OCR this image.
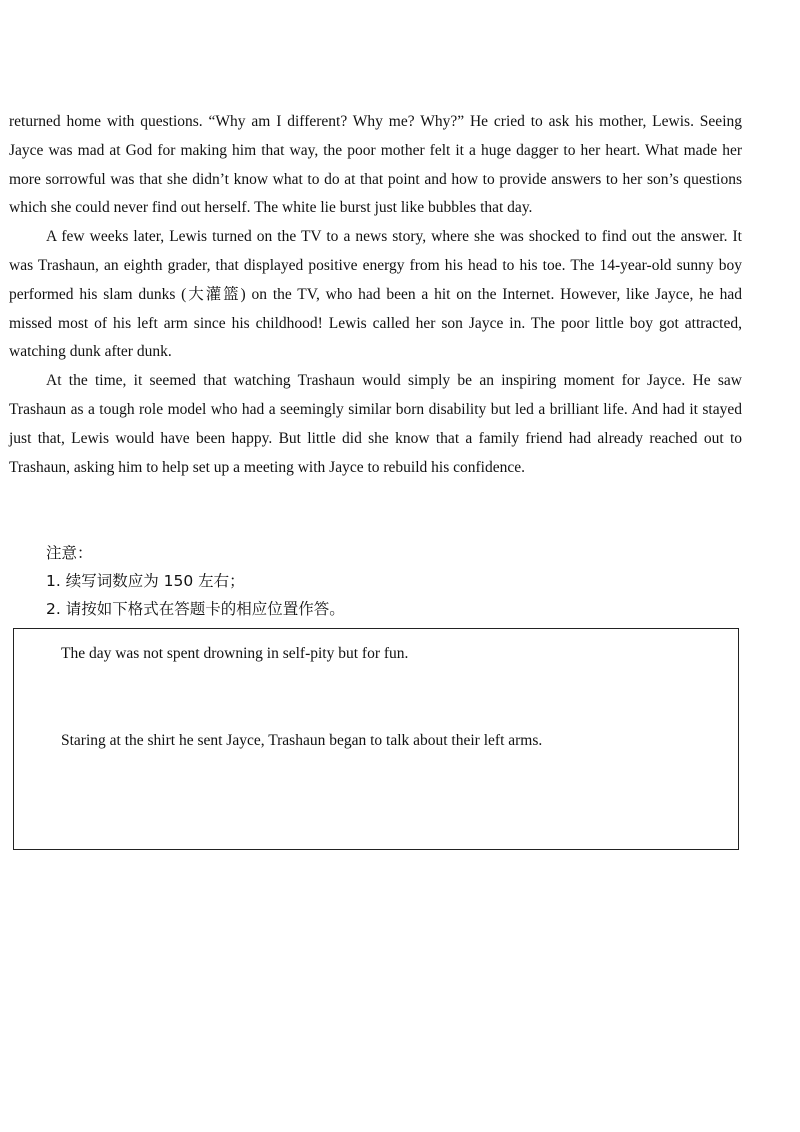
returned home with questions. “Why am I different? Why me? Why?” He cried to ask his mother, Lewis. Seeing Jayce was mad at God for making him that way, the poor mother felt it a huge dagger to her heart. What made her more sorrowful was that she didn’t know what to do at that point and how to provide answers to her son’s questions which she could never find out herself. The white lie burst just like bubbles that day.

A few weeks later, Lewis turned on the TV to a news story, where she was shocked to find out the answer. It was Trashaun, an eighth grader, that displayed positive energy from his head to his toe. The 14-year-old sunny boy performed his slam dunks (大灌篮) on the TV, who had been a hit on the Internet. However, like Jayce, he had missed most of his left arm since his childhood! Lewis called her son Jayce in. The poor little boy got attracted, watching dunk after dunk.

At the time, it seemed that watching Trashaun would simply be an inspiring moment for Jayce. He saw Trashaun as a tough role model who had a seemingly similar born disability but led a brilliant life. And had it stayed just that, Lewis would have been happy. But little did she know that a family friend had already reached out to Trashaun, asking him to help set up a meeting with Jayce to rebuild his confidence.

注意：
1. 续写词数应为 150 左右；
2. 请按如下格式在答题卡的相应位置作答。
The day was not spent drowning in self-pity but for fun.
Staring at the shirt he sent Jayce, Trashaun began to talk about their left arms.
